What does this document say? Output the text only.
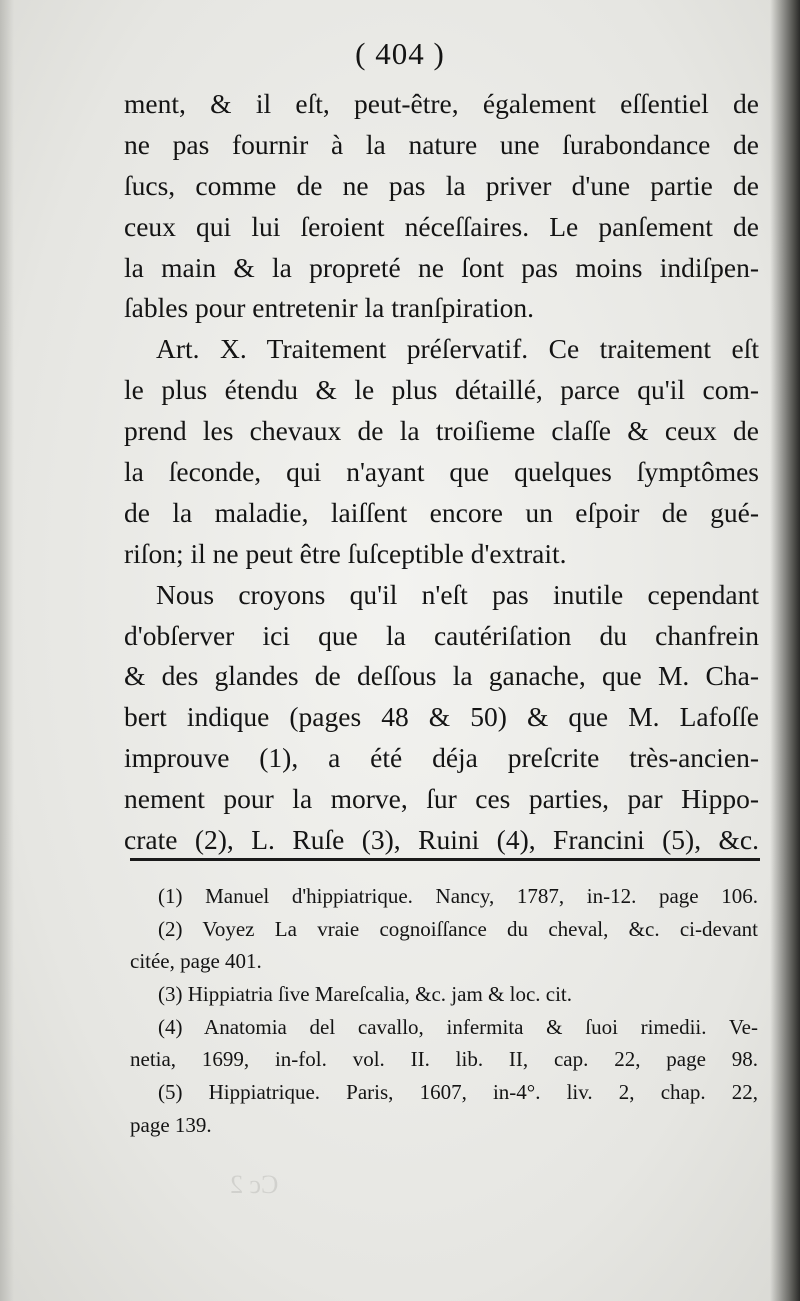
( 404 )
ment, & il eſt, peut-être, également eſſentiel de
ne pas fournir à la nature une ſurabondance de
ſucs, comme de ne pas la priver d'une partie de
ceux qui lui ſeroient néceſſaires. Le panſement de
la main & la propreté ne ſont pas moins indiſpen-
ſables pour entretenir la tranſpiration.
Art. X. Traitement préſervatif. Ce traitement eſt
le plus étendu & le plus détaillé, parce qu'il com-
prend les chevaux de la troiſieme claſſe & ceux de
la ſeconde, qui n'ayant que quelques ſymptômes
de la maladie, laiſſent encore un eſpoir de gué-
riſon; il ne peut être ſuſceptible d'extrait.
Nous croyons qu'il n'eſt pas inutile cependant
d'obſerver ici que la cautériſation du chanfrein
& des glandes de deſſous la ganache, que M. Cha-
bert indique (pages 48 & 50) & que M. Lafoſſe
improuve (1), a été déja preſcrite très-ancien-
nement pour la morve, ſur ces parties, par Hippo-
crate (2), L. Ruſe (3), Ruini (4), Francini (5), &c.
(1) Manuel d'hippiatrique. Nancy, 1787, in-12. page 106.
(2) Voyez La vraie cognoiſſance du cheval, &c. ci-devant
citée, page 401.
(3) Hippiatria ſive Mareſcalia, &c. jam & loc. cit.
(4) Anatomia del cavallo, infermita & ſuoi rimedii. Ve-
netia, 1699, in-fol. vol. II. lib. II, cap. 22, page 98.
(5) Hippiatrique. Paris, 1607, in-4°. liv. 2, chap. 22,
page 139.
Cc 2
